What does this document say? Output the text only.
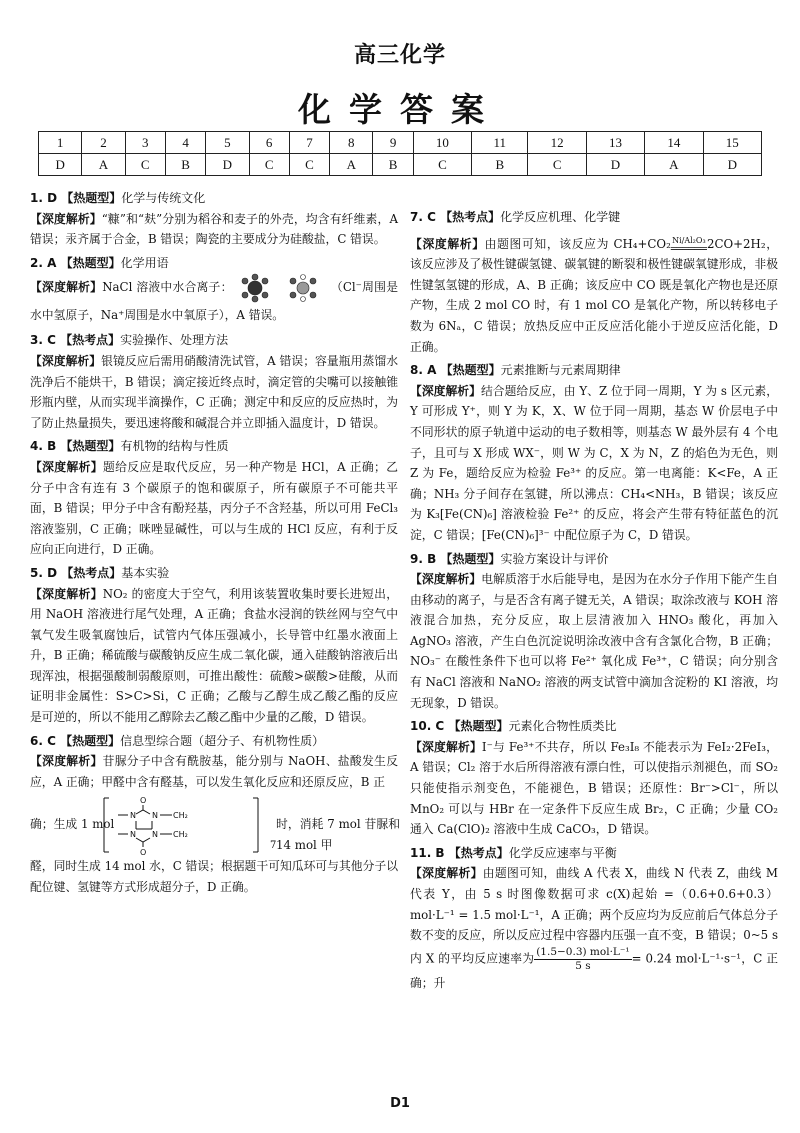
高三化学
化学答案
1	2	3	4	5	6	7	8	9	10	11	12	13	14	15
D	A	C	B	D	C	C	A	B	C	B	C	D	A	D
1. D 【热题型】化学与传统文化
【深度解析】“糠”和“麸”分别为稻谷和麦子的外壳，均含有纤维素，A 错误；汞齐属于合金，B 错误；陶瓷的主要成分为硅酸盐，C 错误。
2. A 【热题型】化学用语
【深度解析】NaCl 溶液中水合离子：	（Cl⁻周围是水中氢原子，Na⁺周围是水中氧原子），A 错误。
3. C 【热考点】实验操作、处理方法
【深度解析】银镜反应后需用硝酸清洗试管，A 错误；容量瓶用蒸馏水洗净后不能烘干，B 错误；滴定接近终点时，滴定管的尖嘴可以接触锥形瓶内壁，从而实现半滴操作，C 正确；测定中和反应的反应热时，为了防止热量损失，要迅速将酸和碱混合并立即插入温度计，D 错误。
4. B 【热题型】有机物的结构与性质
【深度解析】题给反应是取代反应，另一种产物是 HCl，A 正确；乙分子中含有连有 3 个碳原子的饱和碳原子，所有碳原子不可能共平面，B 错误；甲分子中含有酚羟基，丙分子不含羟基，所以可用 FeCl₃ 溶液鉴别，C 正确；咪唑显碱性，可以与生成的 HCl 反应，有利于反应向正向进行，D 正确。
5. D 【热考点】基本实验
【深度解析】NO₂ 的密度大于空气，利用该装置收集时要长进短出，用 NaOH 溶液进行尾气处理，A 正确；食盐水浸润的铁丝网与空气中氧气发生吸氧腐蚀后，试管内气体压强减小，长导管中红墨水液面上升，B 正确；稀硫酸与碳酸钠反应生成二氧化碳，通入硅酸钠溶液后出现浑浊，根据强酸制弱酸原则，可推出酸性：硫酸>碳酸>硅酸，从而证明非金属性：S>C>Si，C 正确；乙酸与乙醇生成乙酸乙酯的反应是可逆的，所以不能用乙醇除去乙酸乙酯中少量的乙酸，D 错误。
6. C 【热题型】信息型综合题（超分子、有机物性质）
【深度解析】苷脲分子中含有酰胺基，能分别与 NaOH、盐酸发生反应，A 正确；甲醛中含有醛基，可以发生氧化反应和还原反应，B 正
O
N N
N N
O
CH₂
CH₂
确；生成 1 mol
7
时，消耗 7 mol 苷脲和 14 mol 甲
醛，同时生成 14 mol 水，C 错误；根据题干可知瓜环可与其他分子以配位键、氢键等方式形成超分子，D 正确。
7. C 【热考点】化学反应机理、化学键
【深度解析】由题图可知，该反应为 CH₄+CO₂ Ni/Al₂O₃
══════ 2CO+2H₂，该反应涉及了极性键碳氢键、碳氧键的断裂和极性键碳氧键形成，非极性键氢氢键的形成，A、B 正确；该反应中 CO 既是氧化产物也是还原产物，生成 2 mol CO 时，有 1 mol CO 是氧化产物，所以转移电子数为 6Nₐ，C 错误；放热反应中正反应活化能小于逆反应活化能，D 正确。
8. A 【热题型】元素推断与元素周期律
【深度解析】结合题给反应，由 Y、Z 位于同一周期，Y 为 s 区元素，Y 可形成 Y⁺，则 Y 为 K，X、W 位于同一周期，基态 W 价层电子中不同形状的原子轨道中运动的电子数相等，则基态 W 最外层有 4 个电子，且可与 X 形成 WX⁻，则 W 为 C，X 为 N，Z 的焰色为无色，则 Z 为 Fe，题给反应为检验 Fe³⁺ 的反应。第一电离能：K<Fe，A 正确；NH₃ 分子间存在氢键，所以沸点：CH₄<NH₃，B 错误；该反应为 K₃[Fe(CN)₆] 溶液检验 Fe²⁺ 的反应，将会产生带有特征蓝色的沉淀，C 错误；[Fe(CN)₆]³⁻ 中配位原子为 C，D 错误。
9. B 【热题型】实验方案设计与评价
【深度解析】电解质溶于水后能导电，是因为在水分子作用下能产生自由移动的离子，与是否含有离子键无关，A 错误；取涂改液与 KOH 溶液混合加热，充分反应，取上层清液加入 HNO₃ 酸化，再加入 AgNO₃ 溶液，产生白色沉淀说明涂改液中含有含氯化合物，B 正确；NO₃⁻ 在酸性条件下也可以将 Fe²⁺ 氧化成 Fe³⁺，C 错误；向分别含有 NaCl 溶液和 NaNO₂ 溶液的两支试管中滴加含淀粉的 KI 溶液，均无现象，D 错误。
10. C 【热题型】元素化合物性质类比
【深度解析】I⁻与 Fe³⁺不共存，所以 Fe₃I₈ 不能表示为 FeI₂·2FeI₃，A 错误；Cl₂ 溶于水后所得溶液有漂白性，可以使指示剂褪色，而 SO₂ 只能使指示剂变色，不能褪色，B 错误；还原性：Br⁻>Cl⁻，所以 MnO₂ 可以与 HBr 在一定条件下反应生成 Br₂，C 正确；少量 CO₂ 通入 Ca(ClO)₂ 溶液中生成 CaCO₃，D 错误。
11. B 【热考点】化学反应速率与平衡
【深度解析】由题图可知，曲线 A 代表 X，曲线 N 代表 Z，曲线 M 代表 Y，由 5 s 时图像数据可求 c(X)起始 =（0.6+0.6+0.3）mol·L⁻¹ = 1.5 mol·L⁻¹，A 正确；两个反应均为反应前后气体总分子数不变的反应，所以反应过程中容器内压强一直不变，B 错误；0~5 s 内 X 的平均反应速率为 $\frac{\text{(1.5−0.3) mol·L⁻¹}}{5 s} = 0.24$ mol·L⁻¹·s⁻¹，C 正确；升
D1
